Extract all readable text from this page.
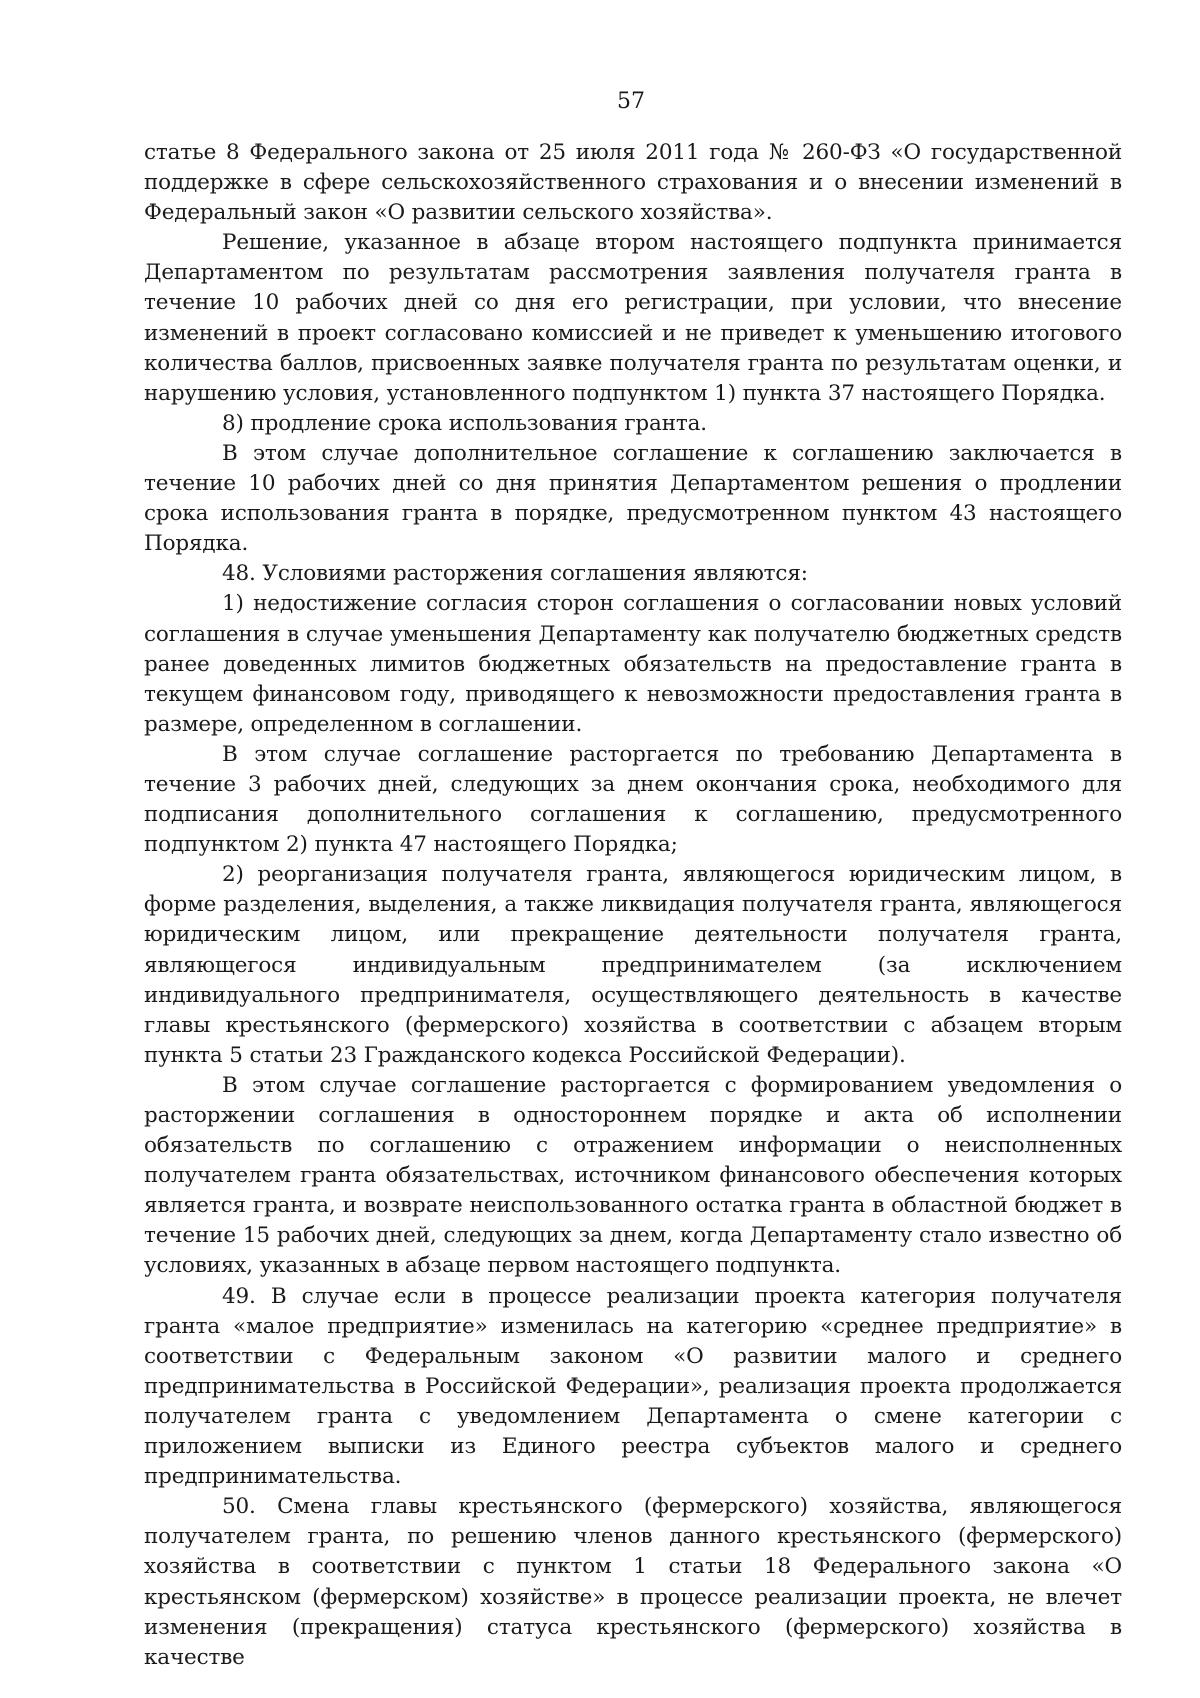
57

статье 8 Федерального закона от 25 июля 2011 года № 260-ФЗ «О государственной поддержке в сфере сельскохозяйственного страхования и о внесении изменений в Федеральный закон «О развитии сельского хозяйства».

Решение, указанное в абзаце втором настоящего подпункта принимается Департаментом по результатам рассмотрения заявления получателя гранта в течение 10 рабочих дней со дня его регистрации, при условии, что внесение изменений в проект согласовано комиссией и не приведет к уменьшению итогового количества баллов, присвоенных заявке получателя гранта по результатам оценки, и нарушению условия, установленного подпунктом 1) пункта 37 настоящего Порядка.

8) продление срока использования гранта.

В этом случае дополнительное соглашение к соглашению заключается в течение 10 рабочих дней со дня принятия Департаментом решения о продлении срока использования гранта в порядке, предусмотренном пунктом 43 настоящего Порядка.

48. Условиями расторжения соглашения являются:

1) недостижение согласия сторон соглашения о согласовании новых условий соглашения в случае уменьшения Департаменту как получателю бюджетных средств ранее доведенных лимитов бюджетных обязательств на предоставление гранта в текущем финансовом году, приводящего к невозможности предоставления гранта в размере, определенном в соглашении.

В этом случае соглашение расторгается по требованию Департамента в течение 3 рабочих дней, следующих за днем окончания срока, необходимого для подписания дополнительного соглашения к соглашению, предусмотренного подпунктом 2) пункта 47 настоящего Порядка;

2) реорганизация получателя гранта, являющегося юридическим лицом, в форме разделения, выделения, а также ликвидация получателя гранта, являющегося юридическим лицом, или прекращение деятельности получателя гранта, являющегося индивидуальным предпринимателем (за исключением индивидуального предпринимателя, осуществляющего деятельность в качестве главы крестьянского (фермерского) хозяйства в соответствии с абзацем вторым пункта 5 статьи 23 Гражданского кодекса Российской Федерации).

В этом случае соглашение расторгается с формированием уведомления о расторжении соглашения в одностороннем порядке и акта об исполнении обязательств по соглашению с отражением информации о неисполненных получателем гранта обязательствах, источником финансового обеспечения которых является гранта, и возврате неиспользованного остатка гранта в областной бюджет в течение 15 рабочих дней, следующих за днем, когда Департаменту стало известно об условиях, указанных в абзаце первом настоящего подпункта.

49. В случае если в процессе реализации проекта категория получателя гранта «малое предприятие» изменилась на категорию «среднее предприятие» в соответствии с Федеральным законом «О развитии малого и среднего предпринимательства в Российской Федерации», реализация проекта продолжается получателем гранта с уведомлением Департамента о смене категории с приложением выписки из Единого реестра субъектов малого и среднего предпринимательства.

50. Смена главы крестьянского (фермерского) хозяйства, являющегося получателем гранта, по решению членов данного крестьянского (фермерского) хозяйства в соответствии с пунктом 1 статьи 18 Федерального закона «О крестьянском (фермерском) хозяйстве» в процессе реализации проекта, не влечет изменения (прекращения) статуса крестьянского (фермерского) хозяйства в качестве
